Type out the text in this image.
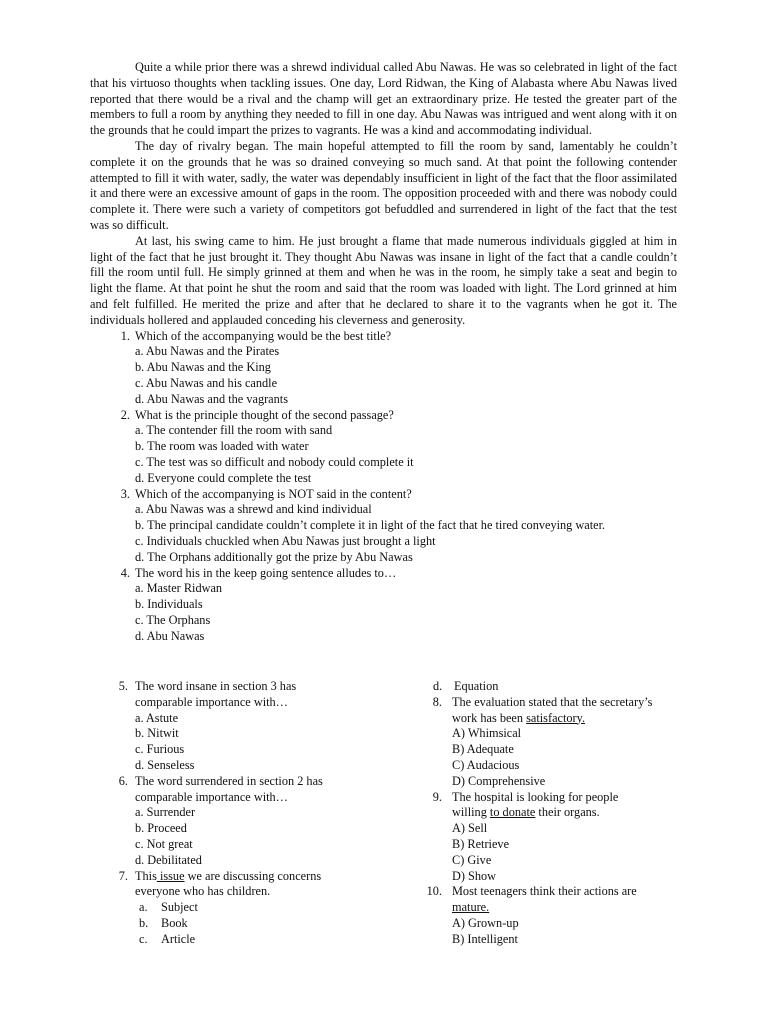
Quite a while prior there was a shrewd individual called Abu Nawas. He was so celebrated in light of the fact that his virtuoso thoughts when tackling issues. One day, Lord Ridwan, the King of Alabasta where Abu Nawas lived reported that there would be a rival and the champ will get an extraordinary prize. He tested the greater part of the members to full a room by anything they needed to fill in one day. Abu Nawas was intrigued and went along with it on the grounds that he could impart the prizes to vagrants. He was a kind and accommodating individual.

The day of rivalry began. The main hopeful attempted to fill the room by sand, lamentably he couldn’t complete it on the grounds that he was so drained conveying so much sand. At that point the following contender attempted to fill it with water, sadly, the water was dependably insufficient in light of the fact that the floor assimilated it and there were an excessive amount of gaps in the room. The opposition proceeded with and there was nobody could complete it. There were such a variety of competitors got befuddled and surrendered in light of the fact that the test was so difficult.

At last, his swing came to him. He just brought a flame that made numerous individuals giggled at him in light of the fact that he just brought it. They thought Abu Nawas was insane in light of the fact that a candle couldn’t fill the room until full. He simply grinned at them and when he was in the room, he simply take a seat and begin to light the flame. At that point he shut the room and said that the room was loaded with light. The Lord grinned at him and felt fulfilled. He merited the prize and after that he declared to share it to the vagrants when he got it. The individuals hollered and applauded conceding his cleverness and generosity.

1. Which of the accompanying would be the best title?
a. Abu Nawas and the Pirates
b. Abu Nawas and the King
c. Abu Nawas and his candle
d. Abu Nawas and the vagrants
2. What is the principle thought of the second passage?
a. The contender fill the room with sand
b. The room was loaded with water
c. The test was so difficult and nobody could complete it
d. Everyone could complete the test
3. Which of the accompanying is NOT said in the content?
a. Abu Nawas was a shrewd and kind individual
b. The principal candidate couldn’t complete it in light of the fact that he tired conveying water.
c. Individuals chuckled when Abu Nawas just brought a light
d. The Orphans additionally got the prize by Abu Nawas
4. The word his in the keep going sentence alludes to…
a. Master Ridwan
b. Individuals
c. The Orphans
d. Abu Nawas
5. The word insane in section 3 has
comparable importance with…
a. Astute
b. Nitwit
c. Furious
d. Senseless
6. The word surrendered in section 2 has
comparable importance with…
a. Surrender
b. Proceed
c. Not great
d. Debilitated
7. This issue we are discussing concerns
everyone who has children.
a. Subject
b. Book
c. Article
d. Equation
8. The evaluation stated that the secretary’s
work has been satisfactory.
A) Whimsical
B) Adequate
C) Audacious
D) Comprehensive
9. The hospital is looking for people
willing to donate their organs.
A) Sell
B) Retrieve
C) Give
D) Show
10. Most teenagers think their actions are
mature.
A) Grown-up
B) Intelligent
